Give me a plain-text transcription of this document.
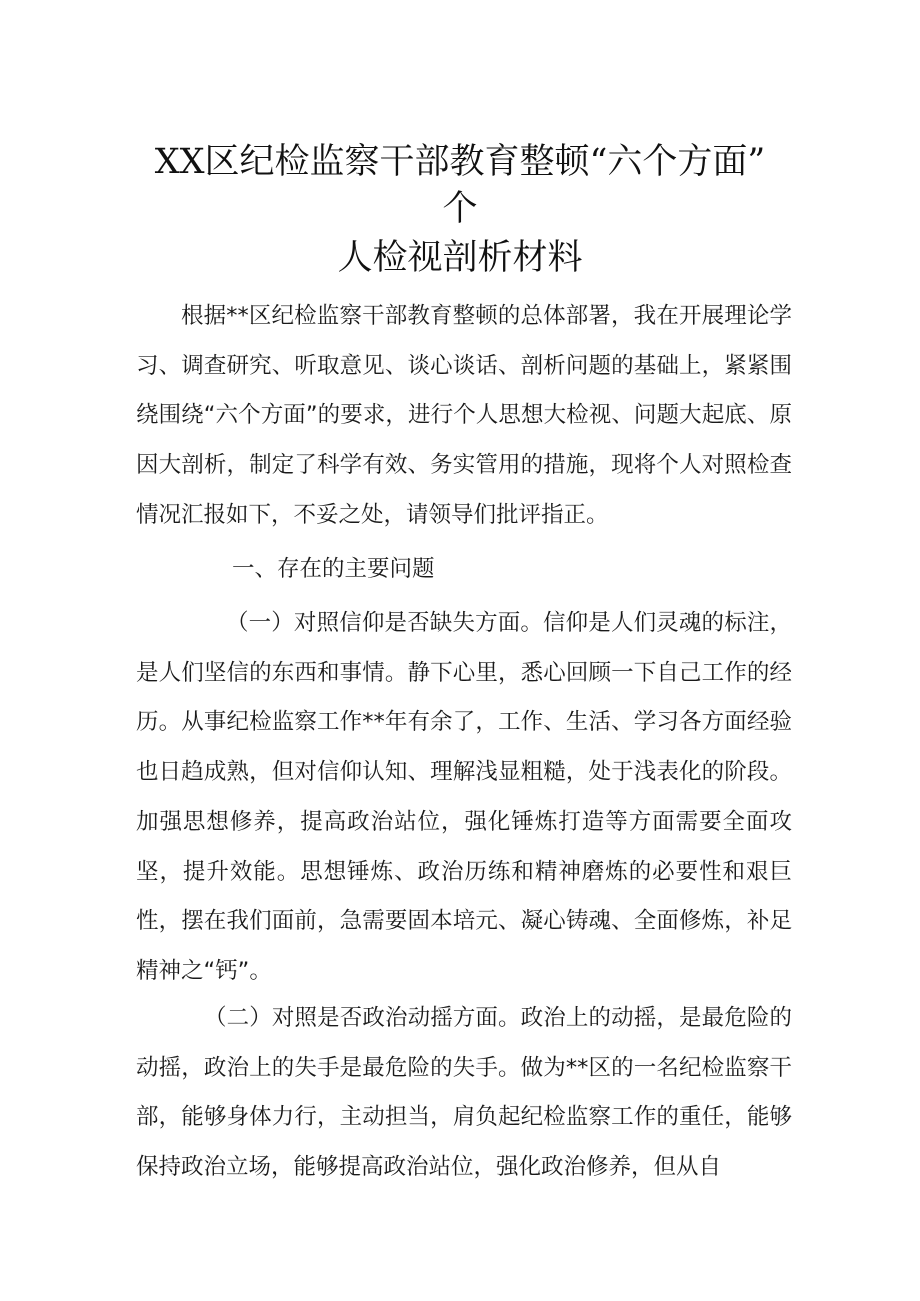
XX区纪检监察干部教育整顿“六个方面”
个
人检视剖析材料

根据**区纪检监察干部教育整顿的总体部署，我在开展理论学习、调查研究、听取意见、谈心谈话、剖析问题的基础上，紧紧围绕围绕“六个方面”的要求，进行个人思想大检视、问题大起底、原因大剖析，制定了科学有效、务实管用的措施，现将个人对照检查情况汇报如下，不妥之处，请领导们批评指正。

一、存在的主要问题

（一）对照信仰是否缺失方面。信仰是人们灵魂的标注，是人们坚信的东西和事情。静下心里，悉心回顾一下自己工作的经历。从事纪检监察工作**年有余了，工作、生活、学习各方面经验也日趋成熟，但对信仰认知、理解浅显粗糙，处于浅表化的阶段。加强思想修养，提高政治站位，强化锤炼打造等方面需要全面攻坚，提升效能。思想锤炼、政治历练和精神磨炼的必要性和艰巨性，摆在我们面前，急需要固本培元、凝心铸魂、全面修炼，补足精神之“钙”。

（二）对照是否政治动摇方面。政治上的动摇，是最危险的动摇，政治上的失手是最危险的失手。做为**区的一名纪检监察干部，能够身体力行，主动担当，肩负起纪检监察工作的重任，能够保持政治立场，能够提高政治站位，强化政治修养，但从自
